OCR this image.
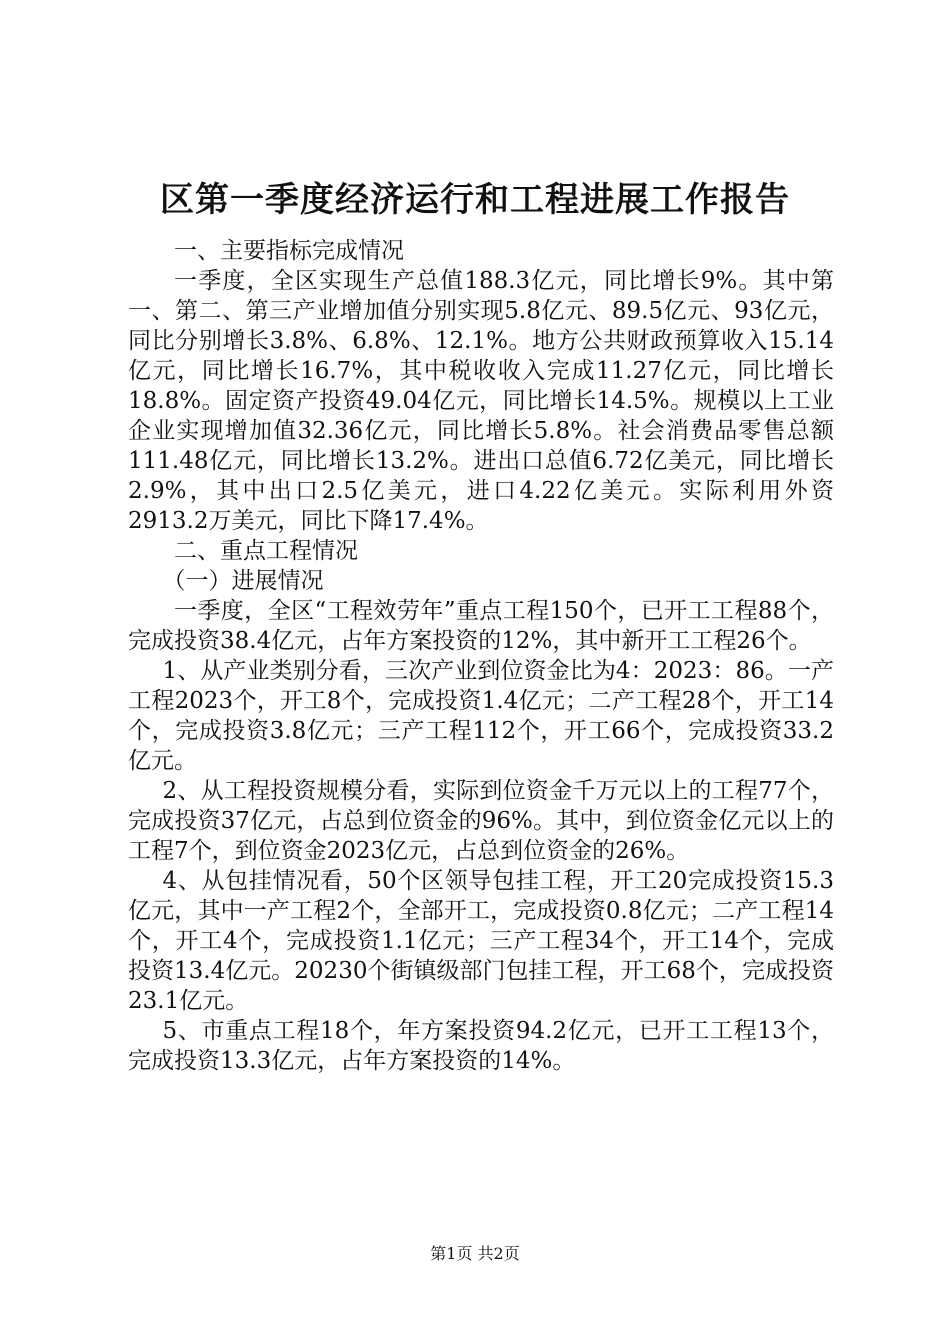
区第一季度经济运行和工程进展工作报告

一、主要指标完成情况

一季度，全区实现生产总值188.3亿元，同比增长9%。其中第一、第二、第三产业增加值分别实现5.8亿元、89.5亿元、93亿元，同比分别增长3.8%、6.8%、12.1%。地方公共财政预算收入15.14亿元，同比增长16.7%，其中税收收入完成11.27亿元，同比增长18.8%。固定资产投资49.04亿元，同比增长14.5%。规模以上工业企业实现增加值32.36亿元，同比增长5.8%。社会消费品零售总额111.48亿元，同比增长13.2%。进出口总值6.72亿美元，同比增长2.9%，其中出口2.5亿美元，进口4.22亿美元。实际利用外资2913.2万美元，同比下降17.4%。

二、重点工程情况

（一）进展情况

一季度，全区“工程效劳年”重点工程150个，已开工工程88个，完成投资38.4亿元，占年方案投资的12%，其中新开工工程26个。

1、从产业类别分看，三次产业到位资金比为4：2023：86。一产工程2023个，开工8个，完成投资1.4亿元；二产工程28个，开工14个，完成投资3.8亿元；三产工程112个，开工66个，完成投资33.2亿元。

2、从工程投资规模分看，实际到位资金千万元以上的工程77个，完成投资37亿元，占总到位资金的96%。其中，到位资金亿元以上的工程7个，到位资金2023亿元，占总到位资金的26%。

4、从包挂情况看，50个区领导包挂工程，开工20完成投资15.3亿元，其中一产工程2个，全部开工，完成投资0.8亿元；二产工程14个，开工4个，完成投资1.1亿元；三产工程34个，开工14个，完成投资13.4亿元。20230个街镇级部门包挂工程，开工68个，完成投资23.1亿元。

5、市重点工程18个，年方案投资94.2亿元，已开工工程13个，完成投资13.3亿元，占年方案投资的14%。

第1页 共2页
